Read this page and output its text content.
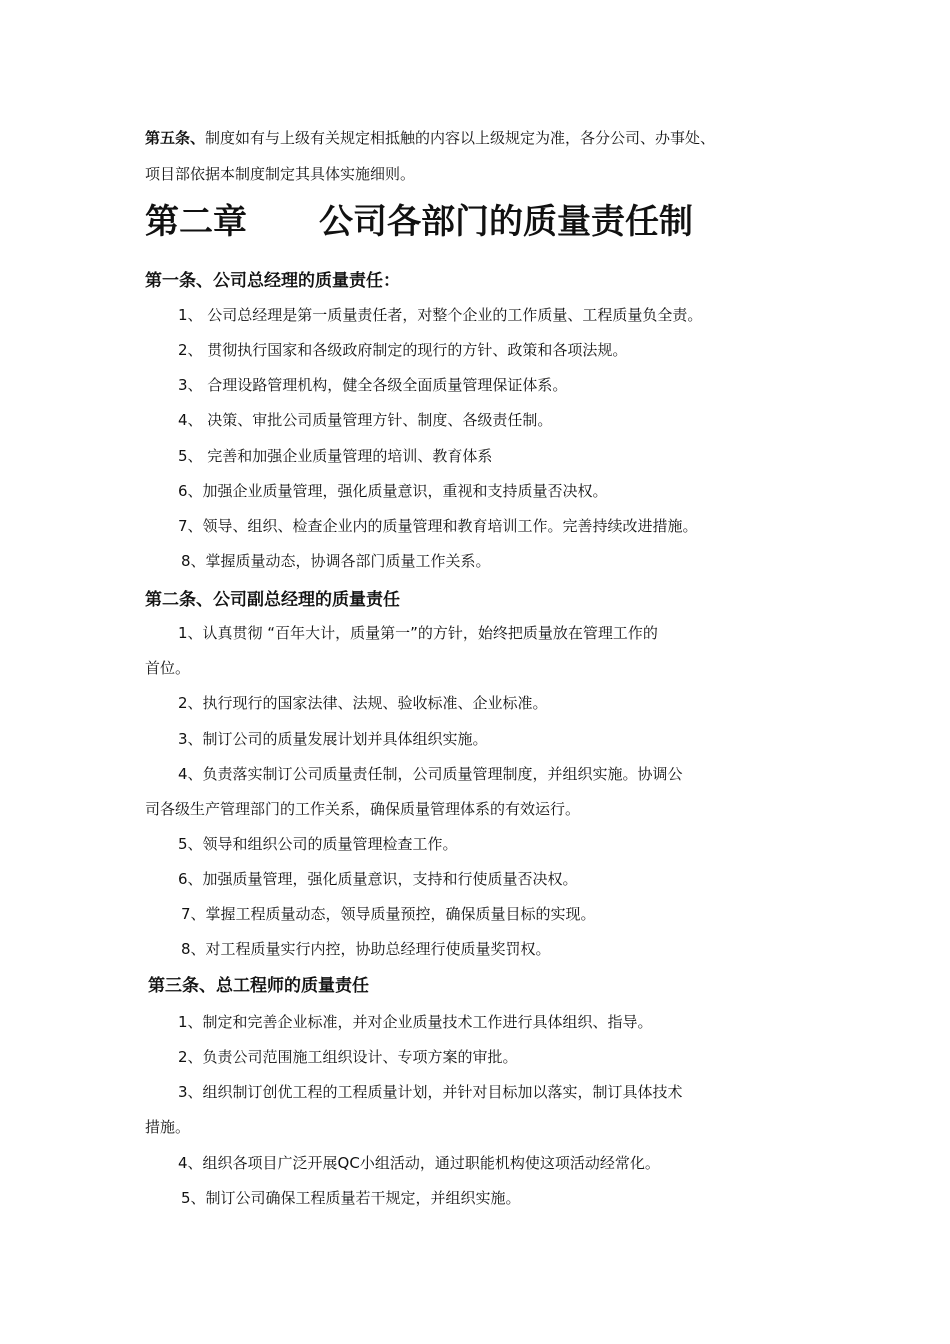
第五条、制度如有与上级有关规定相抵触的内容以上级规定为准，各分公司、办事处、
项目部依据本制度制定其具体实施细则。
第二章 公司各部门的质量责任制
第一条、公司总经理的质量责任：
1、 公司总经理是第一质量责任者，对整个企业的工作质量、工程质量负全责。
2、 贯彻执行国家和各级政府制定的现行的方针、政策和各项法规。
3、 合理设路管理机构，健全各级全面质量管理保证体系。
4、 决策、审批公司质量管理方针、制度、各级责任制。
5、 完善和加强企业质量管理的培训、教育体系
6、加强企业质量管理，强化质量意识，重视和支持质量否决权。
7、领导、组织、检查企业内的质量管理和教育培训工作。完善持续改进措施。
8、掌握质量动态，协调各部门质量工作关系。
第二条、公司副总经理的质量责任
1、认真贯彻 “百年大计，质量第一”的方针，始终把质量放在管理工作的
首位。
2、执行现行的国家法律、法规、验收标准、企业标准。
3、制订公司的质量发展计划并具体组织实施。
4、负责落实制订公司质量责任制，公司质量管理制度，并组织实施。协调公
司各级生产管理部门的工作关系，确保质量管理体系的有效运行。
5、领导和组织公司的质量管理检查工作。
6、加强质量管理，强化质量意识，支持和行使质量否决权。
7、掌握工程质量动态，领导质量预控，确保质量目标的实现。
8、对工程质量实行内控，协助总经理行使质量奖罚权。
第三条、总工程师的质量责任
1、制定和完善企业标准，并对企业质量技术工作进行具体组织、指导。
2、负责公司范围施工组织设计、专项方案的审批。
3、组织制订创优工程的工程质量计划，并针对目标加以落实，制订具体技术
措施。
4、组织各项目广泛开展QC小组活动，通过职能机构使这项活动经常化。
5、制订公司确保工程质量若干规定，并组织实施。
